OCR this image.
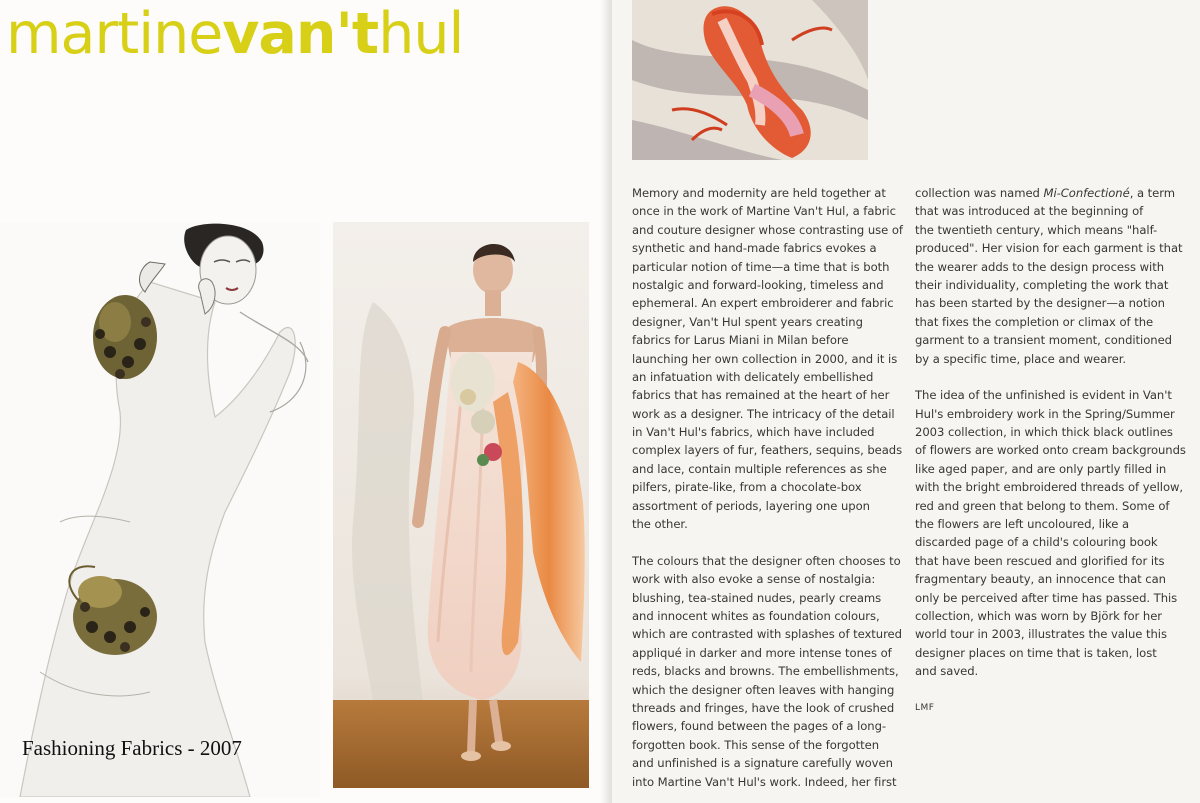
martinevan'thul
Fashioning Fabrics - 2007
Memory and modernity are held together at
once in the work of Martine Van't Hul, a fabric
and couture designer whose contrasting use of
synthetic and hand-made fabrics evokes a
particular notion of time—a time that is both
nostalgic and forward-looking, timeless and
ephemeral. An expert embroiderer and fabric
designer, Van't Hul spent years creating
fabrics for Larus Miani in Milan before
launching her own collection in 2000, and it is
an infatuation with delicately embellished
fabrics that has remained at the heart of her
work as a designer. The intricacy of the detail
in Van't Hul's fabrics, which have included
complex layers of fur, feathers, sequins, beads
and lace, contain multiple references as she
pilfers, pirate-like, from a chocolate-box
assortment of periods, layering one upon
the other.
The colours that the designer often chooses to
work with also evoke a sense of nostalgia:
blushing, tea-stained nudes, pearly creams
and innocent whites as foundation colours,
which are contrasted with splashes of textured
appliqué in darker and more intense tones of
reds, blacks and browns. The embellishments,
which the designer often leaves with hanging
threads and fringes, have the look of crushed
flowers, found between the pages of a long-
forgotten book. This sense of the forgotten
and unfinished is a signature carefully woven
into Martine Van't Hul's work. Indeed, her first
collection was named Mi-Confectioné, a term
that was introduced at the beginning of
the twentieth century, which means "half-
produced". Her vision for each garment is that
the wearer adds to the design process with
their individuality, completing the work that
has been started by the designer—a notion
that fixes the completion or climax of the
garment to a transient moment, conditioned
by a specific time, place and wearer.
The idea of the unfinished is evident in Van't
Hul's embroidery work in the Spring/Summer
2003 collection, in which thick black outlines
of flowers are worked onto cream backgrounds
like aged paper, and are only partly filled in
with the bright embroidered threads of yellow,
red and green that belong to them. Some of
the flowers are left uncoloured, like a
discarded page of a child's colouring book
that have been rescued and glorified for its
fragmentary beauty, an innocence that can
only be perceived after time has passed. This
collection, which was worn by Björk for her
world tour in 2003, illustrates the value this
designer places on time that is taken, lost
and saved.
LMF
